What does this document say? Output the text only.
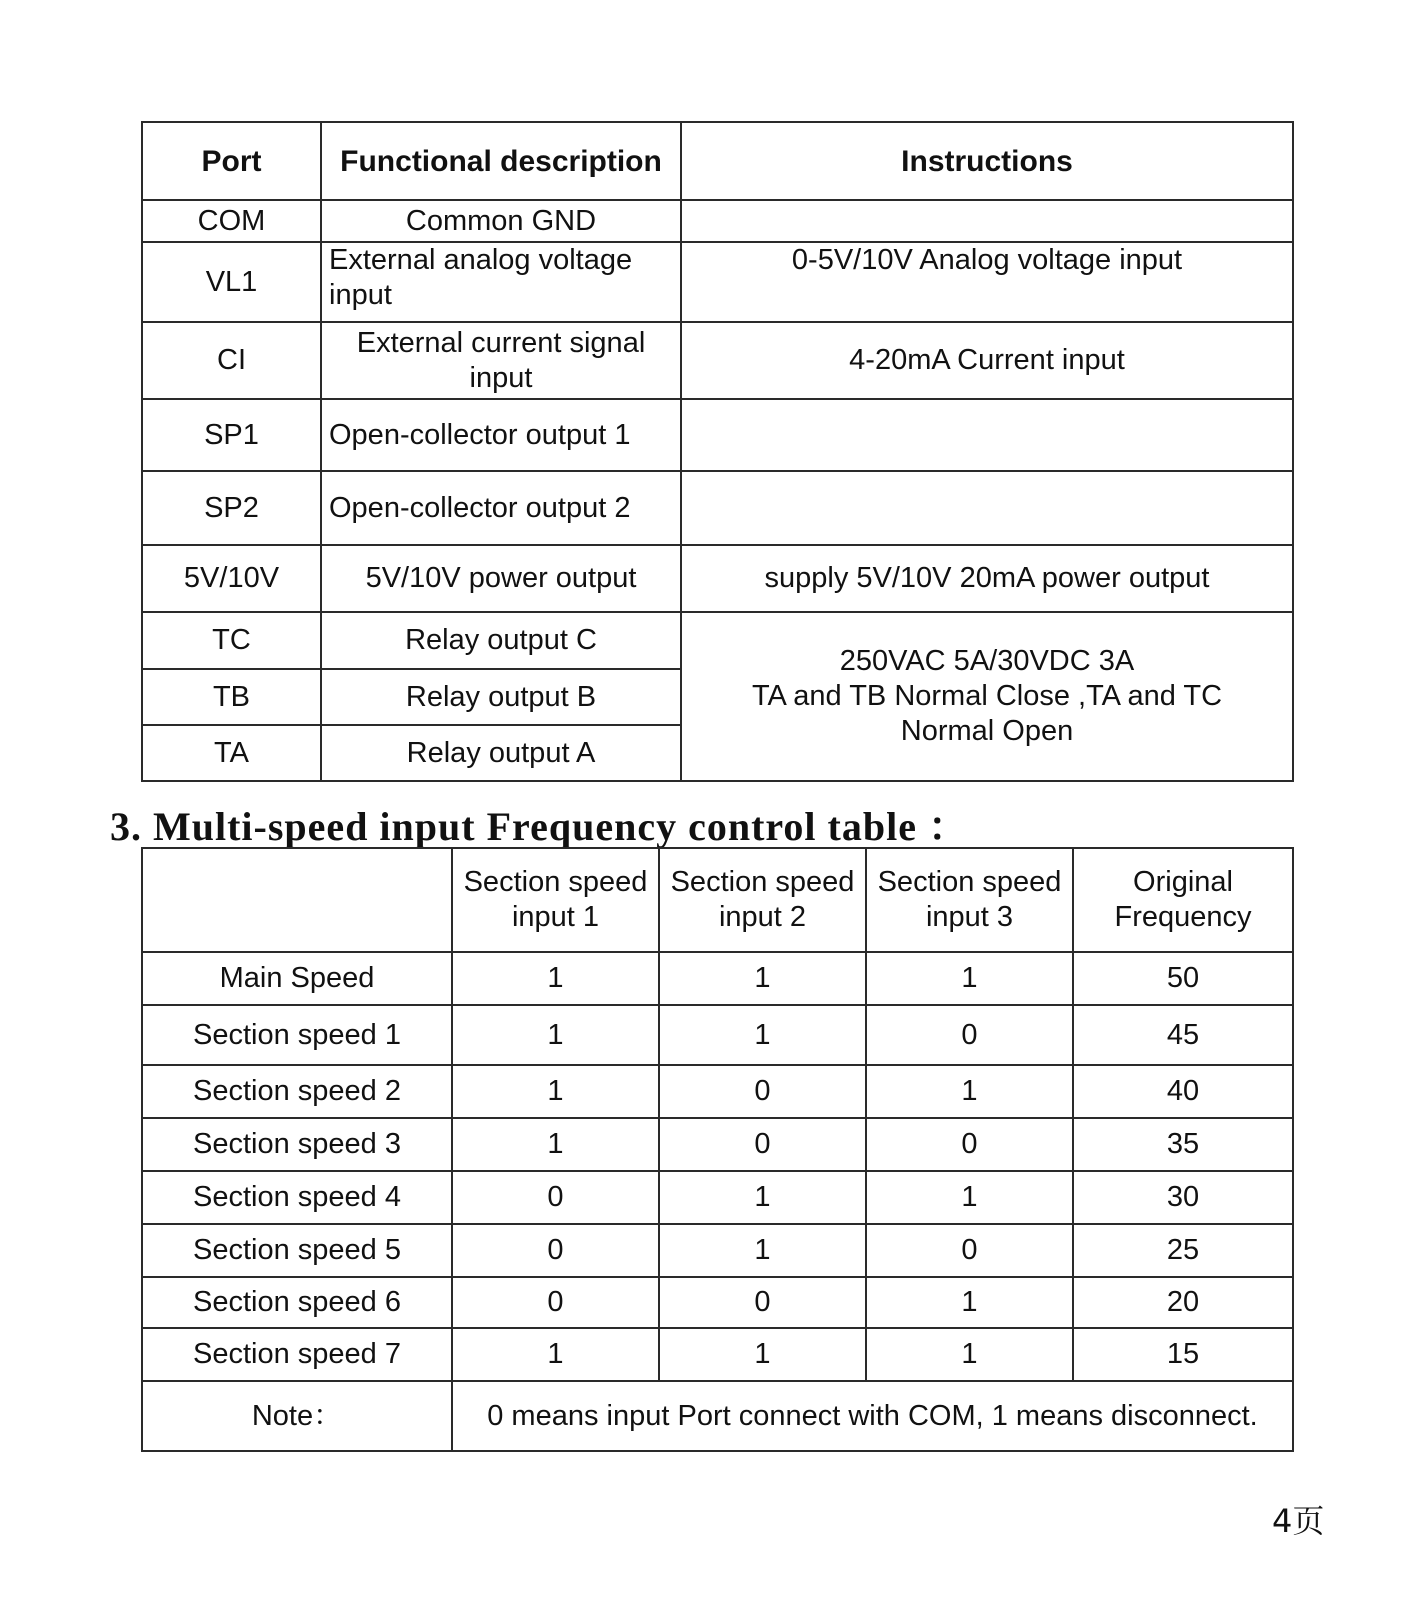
Port	Functional description	Instructions
COM	Common GND	
VL1	External analog voltage input	0-5V/10V Analog voltage input
CI	External current signal input	4-20mA Current input
SP1	Open-collector output 1	
SP2	Open-collector output 2	
5V/10V	5V/10V power output	supply 5V/10V 20mA power output
TC	Relay output C	250VAC 5A/30VDC 3A
TA and TB Normal Close ,TA and TC
Normal Open

TB	Relay output B	
TA	Relay output A	
3. Multi-speed input Frequency control table ：
	Section speed input 1	Section speed input 2	Section speed input 3	Original Frequency
Main Speed	1	1	1	50
Section speed 1	1	1	0	45
Section speed 2	1	0	1	40
Section speed 3	1	0	0	35
Section speed 4	0	1	1	30
Section speed 5	0	1	0	25
Section speed 6	0	0	1	20
Section speed 7	1	1	1	15
Note：	0 means input Port connect with COM, 1 means disconnect.			
4页
